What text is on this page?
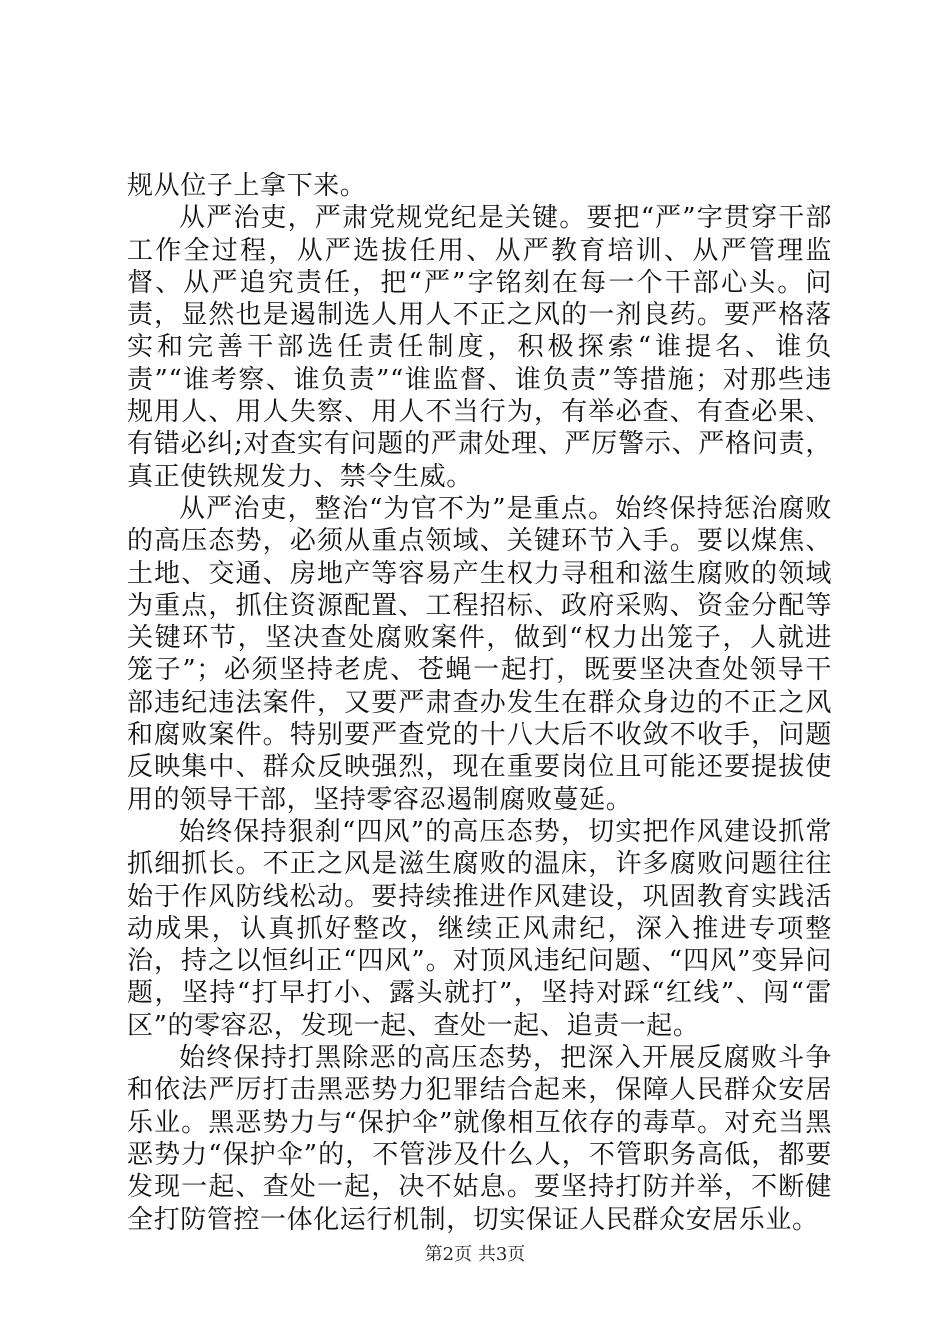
规从位子上拿下来。

从严治吏，严肃党规党纪是关键。要把“严”字贯穿干部工作全过程，从严选拔任用、从严教育培训、从严管理监督、从严追究责任，把“严”字铭刻在每一个干部心头。问责，显然也是遏制选人用人不正之风的一剂良药。要严格落实和完善干部选任责任制度，积极探索“谁提名、谁负责”“谁考察、谁负责”“谁监督、谁负责”等措施；对那些违规用人、用人失察、用人不当行为，有举必查、有查必果、有错必纠;对查实有问题的严肃处理、严厉警示、严格问责，真正使铁规发力、禁令生威。

从严治吏，整治“为官不为”是重点。始终保持惩治腐败的高压态势，必须从重点领域、关键环节入手。要以煤焦、土地、交通、房地产等容易产生权力寻租和滋生腐败的领域为重点，抓住资源配置、工程招标、政府采购、资金分配等关键环节，坚决查处腐败案件，做到“权力出笼子，人就进笼子”；必须坚持老虎、苍蝇一起打，既要坚决查处领导干部违纪违法案件，又要严肃查办发生在群众身边的不正之风和腐败案件。特别要严查党的十八大后不收敛不收手，问题反映集中、群众反映强烈，现在重要岗位且可能还要提拔使用的领导干部，坚持零容忍遏制腐败蔓延。

始终保持狠刹“四风”的高压态势，切实把作风建设抓常抓细抓长。不正之风是滋生腐败的温床，许多腐败问题往往始于作风防线松动。要持续推进作风建设，巩固教育实践活动成果，认真抓好整改，继续正风肃纪，深入推进专项整治，持之以恒纠正“四风”。对顶风违纪问题、“四风”变异问题，坚持“打早打小、露头就打”，坚持对踩“红线”、闯“雷区”的零容忍，发现一起、查处一起、追责一起。

始终保持打黑除恶的高压态势，把深入开展反腐败斗争和依法严厉打击黑恶势力犯罪结合起来，保障人民群众安居乐业。黑恶势力与“保护伞”就像相互依存的毒草。对充当黑恶势力“保护伞”的，不管涉及什么人，不管职务高低，都要发现一起、查处一起，决不姑息。要坚持打防并举，不断健全打防管控一体化运行机制，切实保证人民群众安居乐业。

第2页 共3页
